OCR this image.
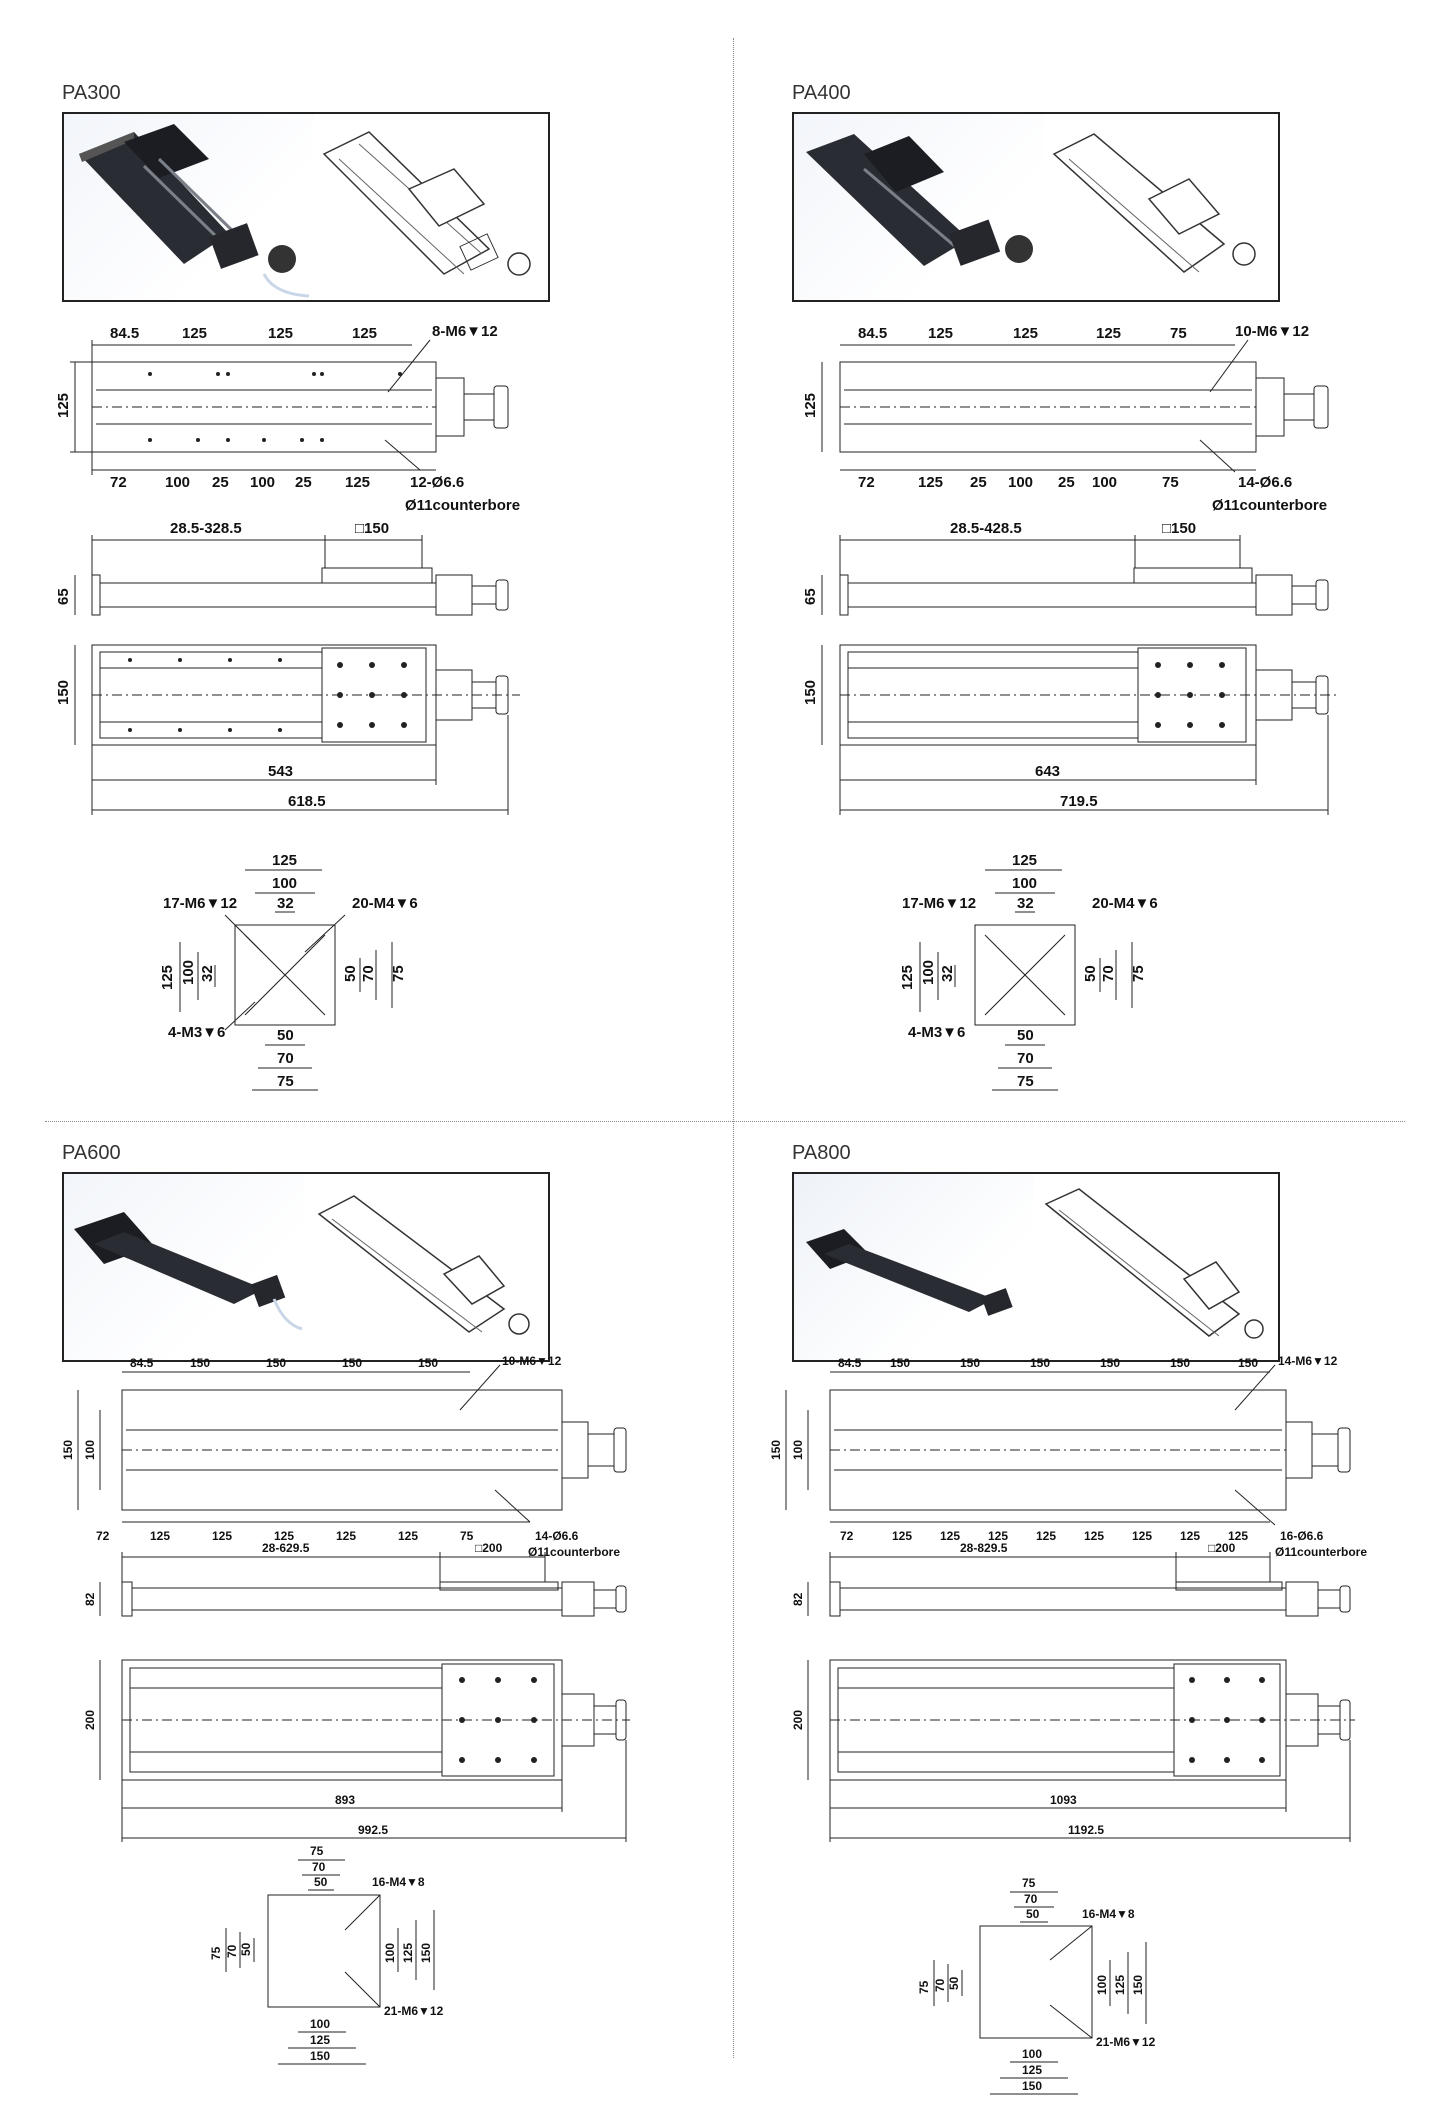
PA300
84.5	125	125	125	8-M6▼12
125
72	100 25 100 25 125	12-Ø6.6
Ø11counterbore
28.5-328.5	□150
65
150
543
618.5
125
100
32
125 100 32	50 70 75
50
70
75
17-M6▼12	20-M4▼6
4-M3▼6
PA400
84.5	125	125	125	75	10-M6▼12
125
72	125 25 100 25 100	75	14-Ø6.6
Ø11counterbore
28.5-428.5	□150
65
150
643
719.5
125
100
32
125 100 32	50 70 75
50
70
75
17-M6▼12	20-M4▼6
4-M3▼6
PA600
84.5	150	150	150	150	10-M6▼12
150 100
72	125	125	125	125	125	75	14-Ø6.6
Ø11counterbore
28-629.5	□200
82
200
893
992.5
75
70
50
75 70 50	100 125 150
100
125
150
16-M4▼8
21-M6▼12
PA800
84.5 150	150	150	150	150	150 14-M6▼12
150 100
72	125 125 125 125 125 125 125 125	16-Ø6.6
Ø11counterbore
28-829.5	□200
82
200
1093
1192.5
75
70
50
75 70 50	100 125 150
100
125
150
16-M4▼8
21-M6▼12
